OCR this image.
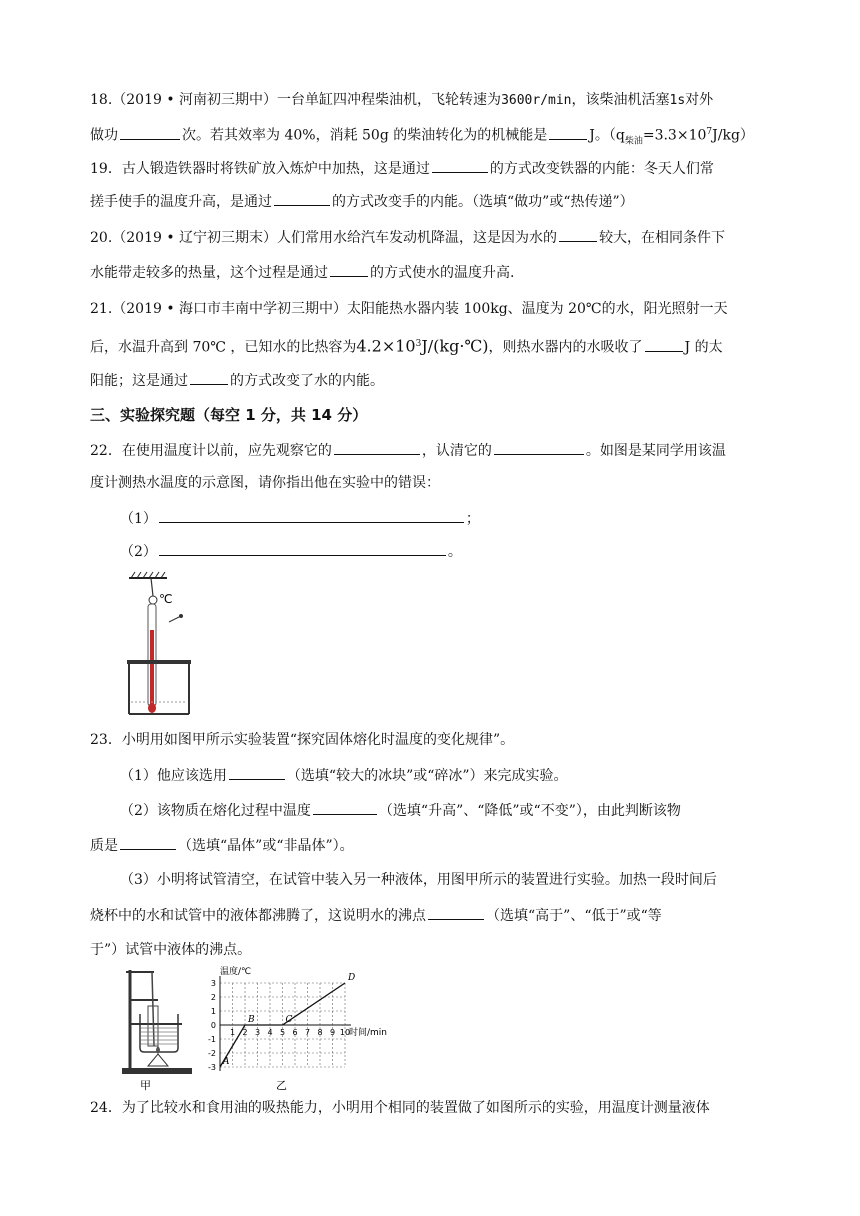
18.（2019 • 河南初三期中）一台单缸四冲程柴油机，飞轮转速为3600r/min，该柴油机活塞1s对外
做功	次。若其效率为 40%，消耗 50g 的柴油转化为的机械能是	J。$(q_{柴油}=3.3\times 10^7J/kg)$
19．古人锻造铁器时将铁矿放入炼炉中加热，这是通过	的方式改变铁器的内能：冬天人们常
搓手使手的温度升高，是通过	的方式改变手的内能。（选填“做功”或“热传递”）
20.（2019 • 辽宁初三期末）人们常用水给汽车发动机降温，这是因为水的	较大，在相同条件下
水能带走较多的热量，这个过程是通过	的方式使水的温度升高.
21.（2019 • 海口市丰南中学初三期中）太阳能热水器内装 100kg、温度为 20℃的水，阳光照射一天
后，水温升高到 70℃ ，已知水的比热容为$4.2\times 10^3J/(kg\cdot℃)$，则热水器内的水吸收了	J 的太
阳能；这是通过	的方式改变了水的内能。
三、实验探究题（每空 1 分，共 14 分）
22．在使用温度计以前，应先观察它的	，认清它的	。如图是某同学用该温
度计测热水温度的示意图，请你指出他在实验中的错误：
（1）	；
（2）	。
℃
23．小明用如图甲所示实验装置“探究固体熔化时温度的变化规律”。
（1）他应该选用	（选填“较大的冰块”或“碎冰”）来完成实验。
（2）该物质在熔化过程中温度	（选填“升高”、“降低”或“不变”），由此判断该物
质是	（选填“晶体”或“非晶体”）。
（3）小明将试管清空，在试管中装入另一种液体，用图甲所示的装置进行实验。加热一段时间后
烧杯中的水和试管中的液体都沸腾了，这说明水的沸点	（选填“高于”、“低于”或“等
于”）试管中液体的沸点。
甲
3
2
1
0
-1
-2
-3
1 2 3 4 5 6 7 8 9 10
A
B	C
D
温度/℃
时间/min
乙
24．为了比较水和食用油的吸热能力，小明用个相同的装置做了如图所示的实验，用温度计测量液体
